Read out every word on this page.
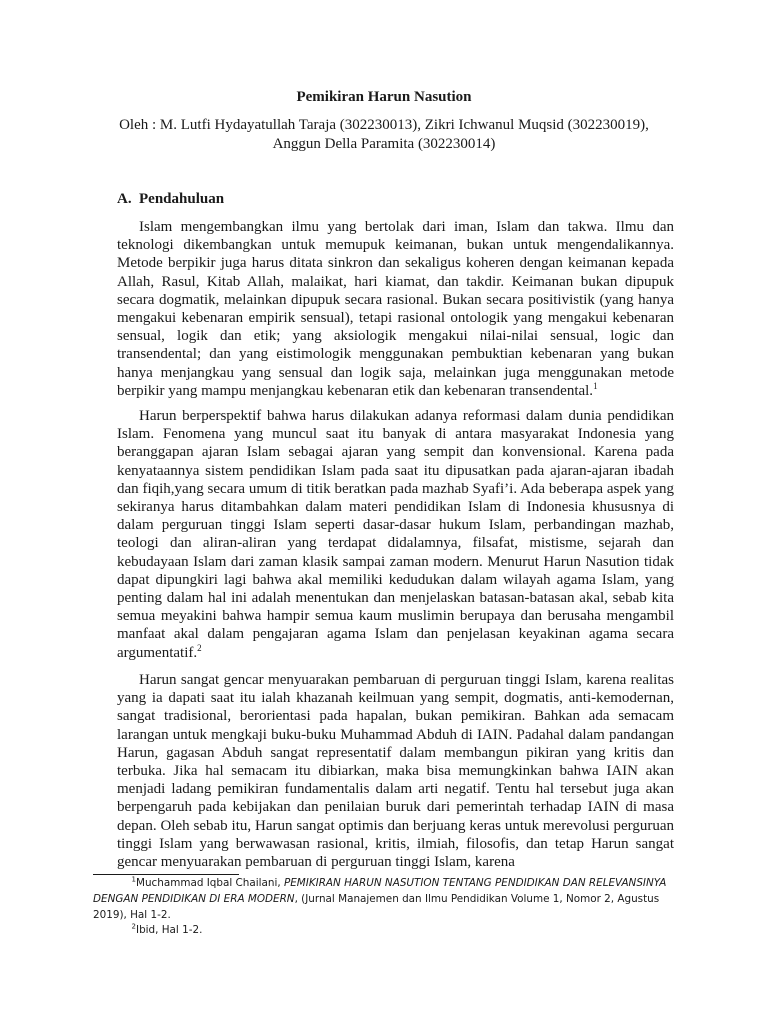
Pemikiran Harun Nasution
Oleh : M. Lutfi Hydayatullah Taraja (302230013), Zikri Ichwanul Muqsid (302230019),
Anggun Della Paramita (302230014)
A. Pendahuluan

Islam mengembangkan ilmu yang bertolak dari iman, Islam dan takwa. Ilmu dan teknologi dikembangkan untuk memupuk keimanan, bukan untuk mengendalikannya. Metode berpikir juga harus ditata sinkron dan sekaligus koheren dengan keimanan kepada Allah, Rasul, Kitab Allah, malaikat, hari kiamat, dan takdir. Keimanan bukan dipupuk secara dogmatik, melainkan dipupuk secara rasional. Bukan secara positivistik (yang hanya mengakui kebenaran empirik sensual), tetapi rasional ontologik yang mengakui kebenaran sensual, logik dan etik; yang aksiologik mengakui nilai-nilai sensual, logic dan transendental; dan yang eistimologik menggunakan pembuktian kebenaran yang bukan hanya menjangkau yang sensual dan logik saja, melainkan juga menggunakan metode berpikir yang mampu menjangkau kebenaran etik dan kebenaran transendental.$^1$

Harun berperspektif bahwa harus dilakukan adanya reformasi dalam dunia pendidikan Islam. Fenomena yang muncul saat itu banyak di antara masyarakat Indonesia yang beranggapan ajaran Islam sebagai ajaran yang sempit dan konvensional. Karena pada kenyataannya sistem pendidikan Islam pada saat itu dipusatkan pada ajaran-ajaran ibadah dan fiqih,yang secara umum di titik beratkan pada mazhab Syafi’i. Ada beberapa aspek yang sekiranya harus ditambahkan dalam materi pendidikan Islam di Indonesia khususnya di dalam perguruan tinggi Islam seperti dasar-dasar hukum Islam, perbandingan mazhab, teologi dan aliran-aliran yang terdapat didalamnya, filsafat, mistisme, sejarah dan kebudayaan Islam dari zaman klasik sampai zaman modern. Menurut Harun Nasution tidak dapat dipungkiri lagi bahwa akal memiliki kedudukan dalam wilayah agama Islam, yang penting dalam hal ini adalah menentukan dan menjelaskan batasan-batasan akal, sebab kita semua meyakini bahwa hampir semua kaum muslimin berupaya dan berusaha mengambil manfaat akal dalam pengajaran agama Islam dan penjelasan keyakinan agama secara argumentatif.$^2$

Harun sangat gencar menyuarakan pembaruan di perguruan tinggi Islam, karena realitas yang ia dapati saat itu ialah khazanah keilmuan yang sempit, dogmatis, anti-kemodernan, sangat tradisional, berorientasi pada hapalan, bukan pemikiran. Bahkan ada semacam larangan untuk mengkaji buku-buku Muhammad Abduh di IAIN. Padahal dalam pandangan Harun, gagasan Abduh sangat representatif dalam membangun pikiran yang kritis dan terbuka. Jika hal semacam itu dibiarkan, maka bisa memungkinkan bahwa IAIN akan menjadi ladang pemikiran fundamentalis dalam arti negatif. Tentu hal tersebut juga akan berpengaruh pada kebijakan dan penilaian buruk dari pemerintah terhadap IAIN di masa depan. Oleh sebab itu, Harun sangat optimis dan berjuang keras untuk merevolusi perguruan tinggi Islam yang berwawasan rasional, kritis, ilmiah, filosofis, dan tetap Harun sangat gencar menyuarakan pembaruan di perguruan tinggi Islam, karena

$^1$Muchammad Iqbal Chailani, PEMIKIRAN HARUN NASUTION TENTANG PENDIDIKAN DAN RELEVANSINYA DENGAN PENDIDIKAN DI ERA MODERN, (Jurnal Manajemen dan Ilmu Pendidikan Volume 1, Nomor 2, Agustus 2019), Hal 1-2.

$^2$Ibid, Hal 1-2.
